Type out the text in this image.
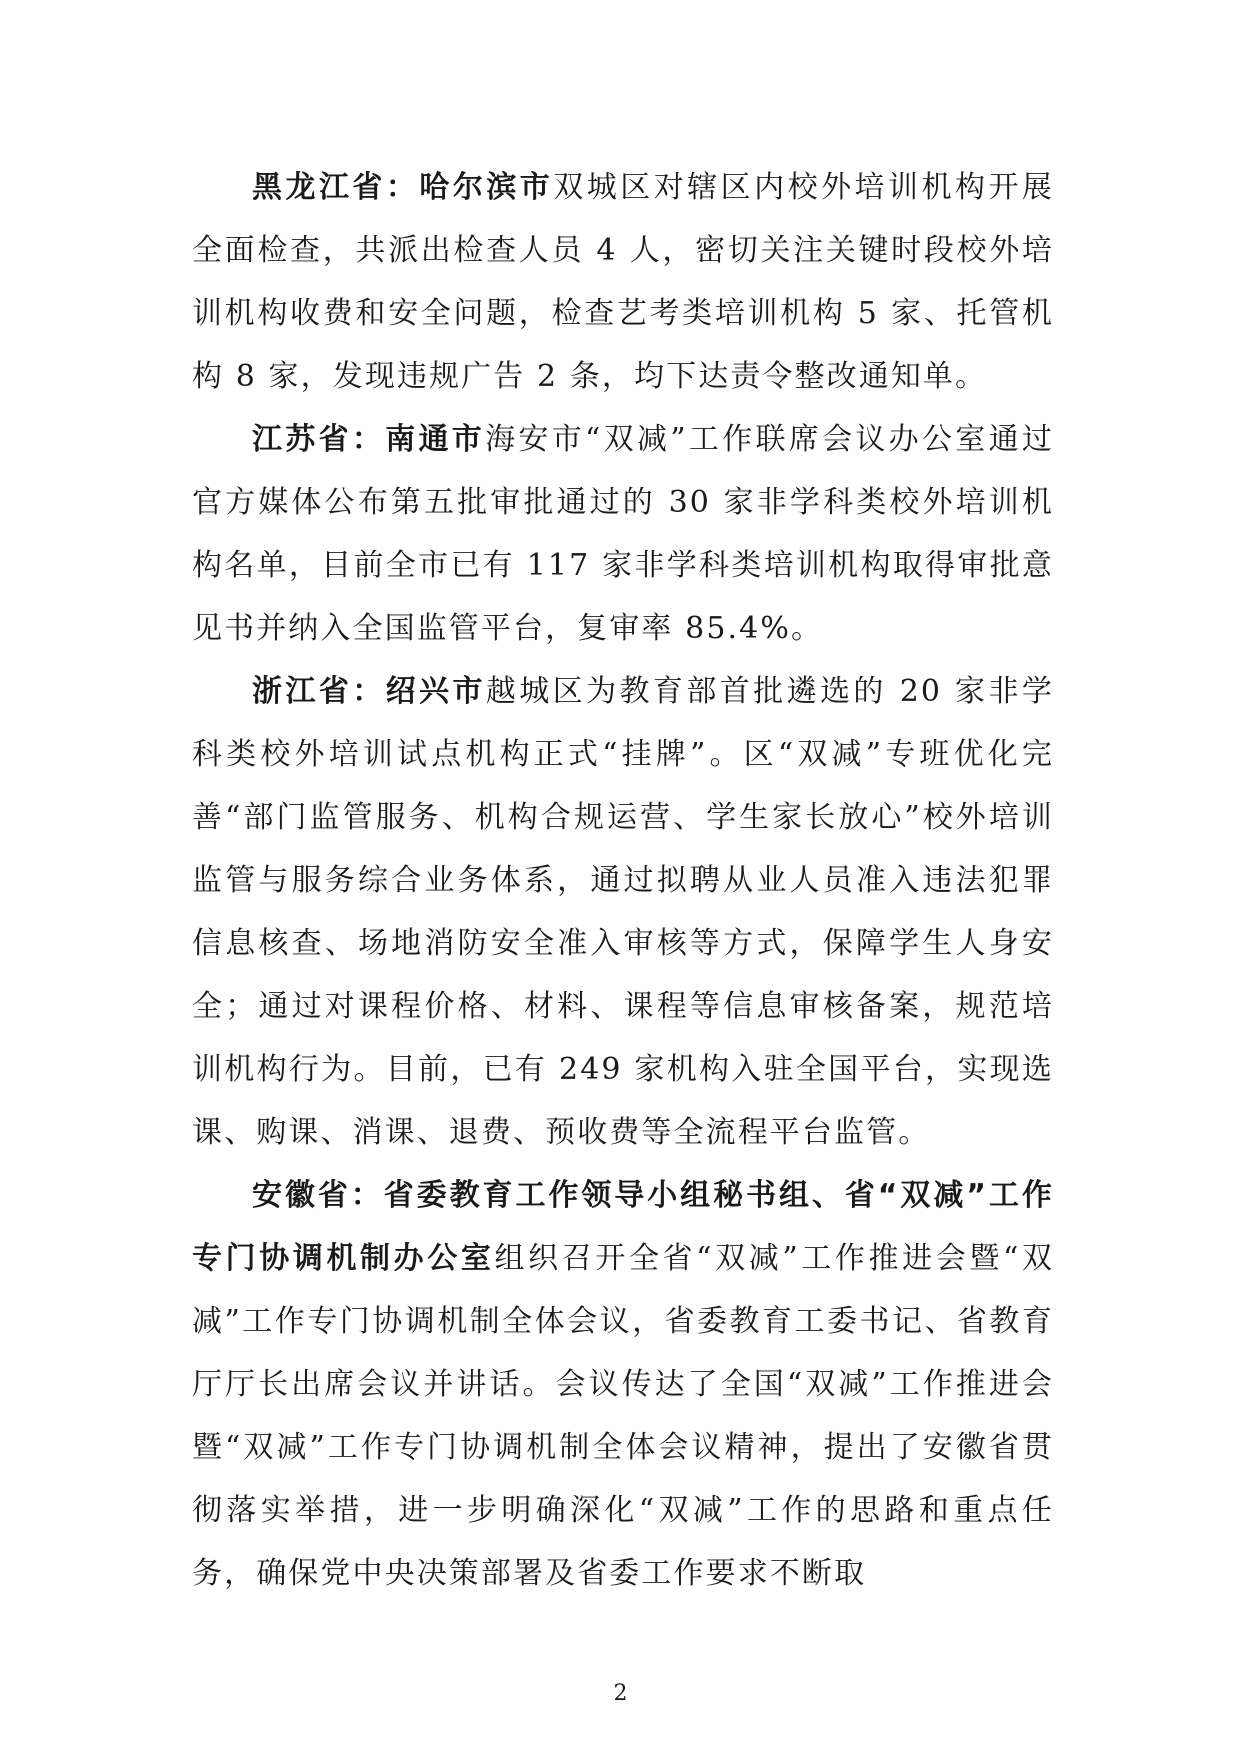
黑龙江省：哈尔滨市双城区对辖区内校外培训机构开展全面检查，共派出检查人员 4 人，密切关注关键时段校外培训机构收费和安全问题，检查艺考类培训机构 5 家、托管机构 8 家，发现违规广告 2 条，均下达责令整改通知单。

江苏省：南通市海安市“双减”工作联席会议办公室通过官方媒体公布第五批审批通过的 30 家非学科类校外培训机构名单，目前全市已有 117 家非学科类培训机构取得审批意见书并纳入全国监管平台，复审率 85.4%。

浙江省：绍兴市越城区为教育部首批遴选的 20 家非学科类校外培训试点机构正式“挂牌”。区“双减”专班优化完善“部门监管服务、机构合规运营、学生家长放心”校外培训监管与服务综合业务体系，通过拟聘从业人员准入违法犯罪信息核查、场地消防安全准入审核等方式，保障学生人身安全；通过对课程价格、材料、课程等信息审核备案，规范培训机构行为。目前，已有 249 家机构入驻全国平台，实现选课、购课、消课、退费、预收费等全流程平台监管。

安徽省：省委教育工作领导小组秘书组、省“双减”工作专门协调机制办公室组织召开全省“双减”工作推进会暨“双减”工作专门协调机制全体会议，省委教育工委书记、省教育厅厅长出席会议并讲话。会议传达了全国“双减”工作推进会暨“双减”工作专门协调机制全体会议精神，提出了安徽省贯彻落实举措，进一步明确深化“双减”工作的思路和重点任务，确保党中央决策部署及省委工作要求不断取

2
